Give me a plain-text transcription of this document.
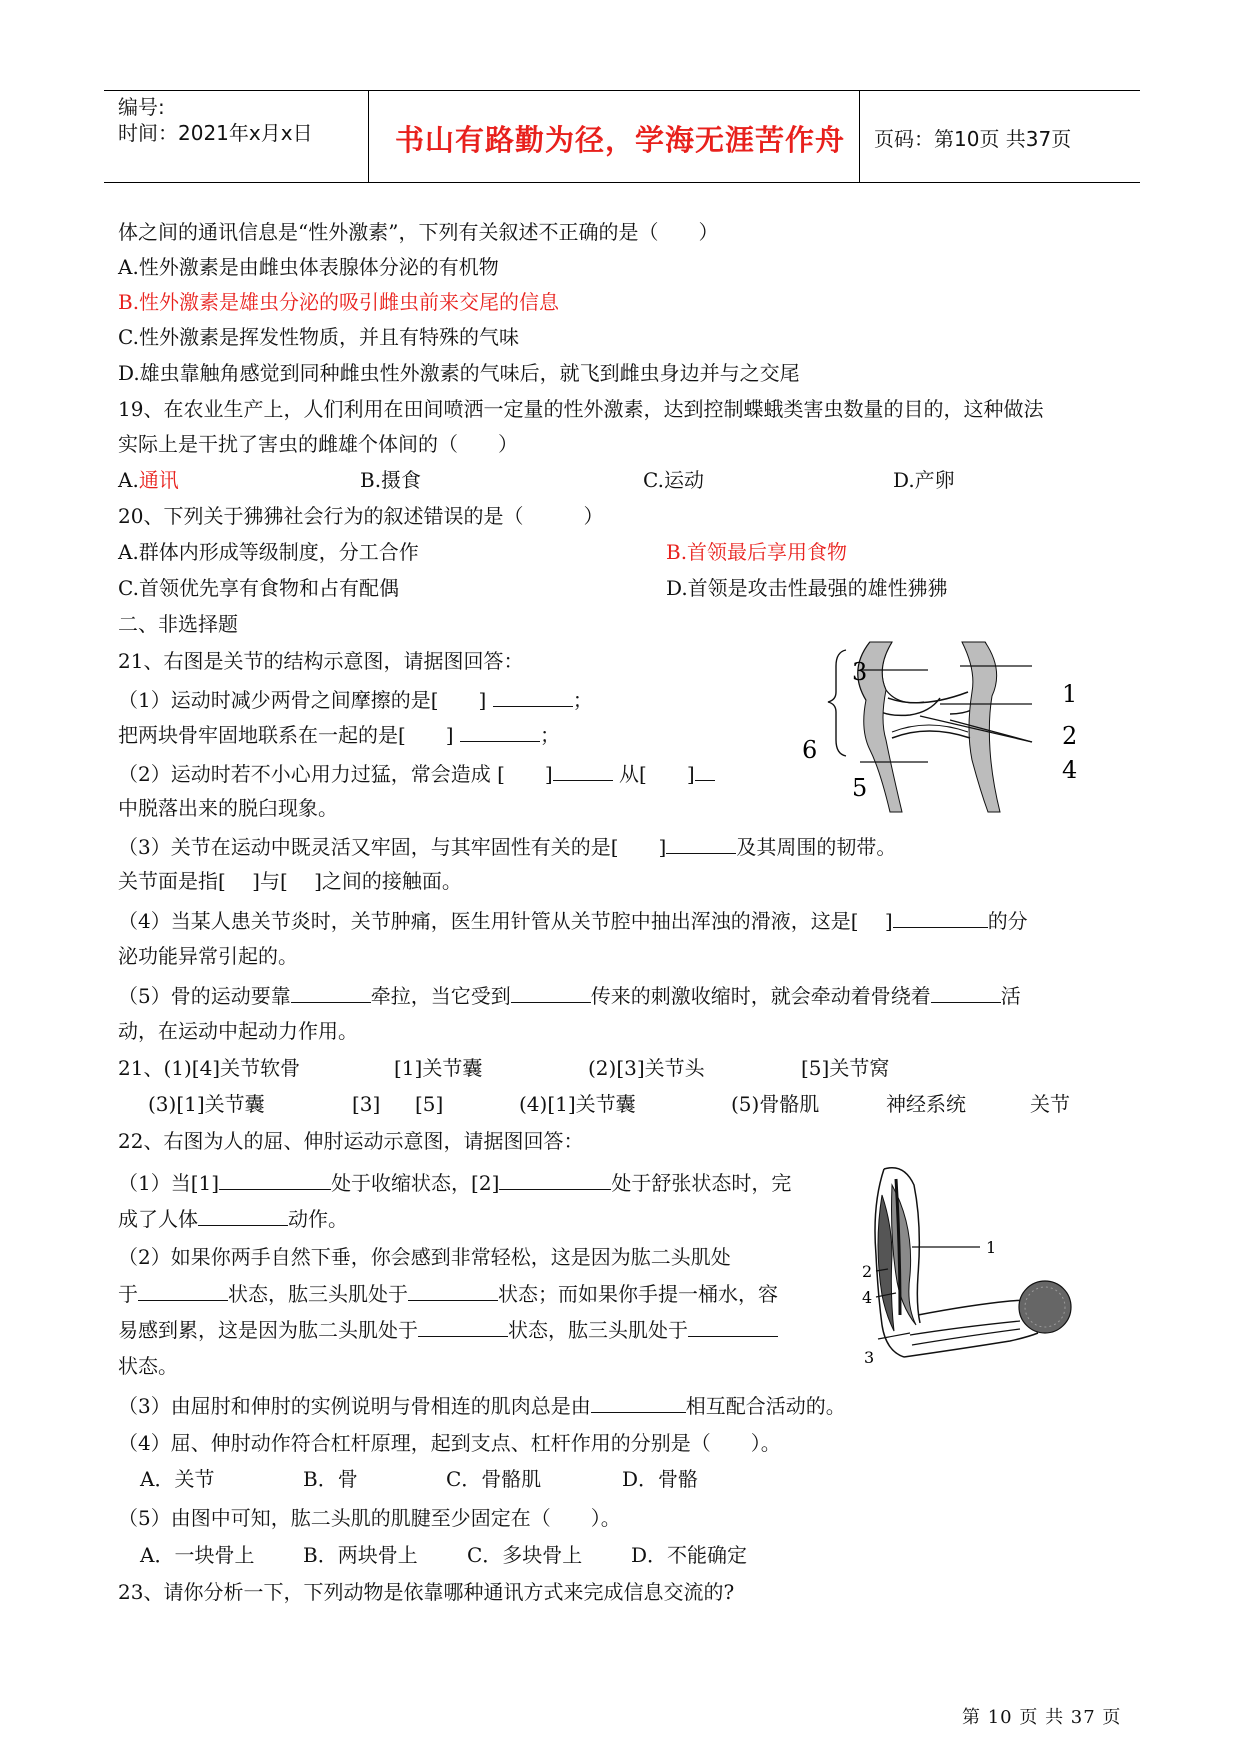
编号:
时间：2021年x月x日	书山有路勤为径，学海无涯苦作舟 页码：第10页 共37页
体之间的通讯信息是“性外激素”，下列有关叙述不正确的是（　　）
A.性外激素是由雌虫体表腺体分泌的有机物
B.性外激素是雄虫分泌的吸引雌虫前来交尾的信息
C.性外激素是挥发性物质，并且有特殊的气味
D.雄虫靠触角感觉到同种雌虫性外激素的气味后，就飞到雌虫身边并与之交尾
19、在农业生产上，人们利用在田间喷洒一定量的性外激素，达到控制蝶蛾类害虫数量的目的，这种做法
实际上是干扰了害虫的雌雄个体间的（　　）
A.通讯	B.摄食	C.运动	D.产卵
20、下列关于狒狒社会行为的叙述错误的是（　　　）
A.群体内形成等级制度，分工合作	B.首领最后享用食物
C.首领优先享有食物和占有配偶	D.首领是攻击性最强的雄性狒狒
二、非选择题
21、右图是关节的结构示意图，请据图回答：
（1）运动时减少两骨之间摩擦的是[　　]	；
把两块骨牢固地联系在一起的是[　　]	；
（2）运动时若不小心用力过猛，常会造成 [　　]	从[　　]
中脱落出来的脱臼现象。
（3）关节在运动中既灵活又牢固，与其牢固性有关的是[　　]	及其周围的韧带。
关节面是指[　 ]与[　 ]之间的接触面。
（4）当某人患关节炎时，关节肿痛，医生用针管从关节腔中抽出浑浊的滑液，这是[　 ]	的分
泌功能异常引起的。
（5）骨的运动要靠	牵拉，当它受到	传来的刺激收缩时，就会牵动着骨绕着	活
动，在运动中起动力作用。
3
5
6
1
2
4
21、(1)[4]关节软骨	[1]关节囊	(2)[3]关节头	[5]关节窝
(3)[1]关节囊	[3] [5]	(4)[1]关节囊	(5)骨骼肌	神经系统	关节
22、右图为人的屈、伸肘运动示意图，请据图回答：
（1）当[1]	处于收缩状态，[2]	处于舒张状态时，完
成了人体	动作。
（2）如果你两手自然下垂，你会感到非常轻松，这是因为肱二头肌处
于	状态，肱三头肌处于	状态；而如果你手提一桶水，容
易感到累，这是因为肱二头肌处于	状态，肱三头肌处于
状态。
（3）由屈肘和伸肘的实例说明与骨相连的肌肉总是由	相互配合活动的。
（4）屈、伸肘动作符合杠杆原理，起到支点、杠杆作用的分别是（　　）。
A．关节	B．骨	C．骨骼肌	D．骨骼
（5）由图中可知，肱二头肌的肌腱至少固定在（　　）。
A．一块骨上 B．两块骨上 C．多块骨上 D．不能确定
1
2
4
3
23、请你分析一下，下列动物是依靠哪种通讯方式来完成信息交流的?
第 10 页 共 37 页
